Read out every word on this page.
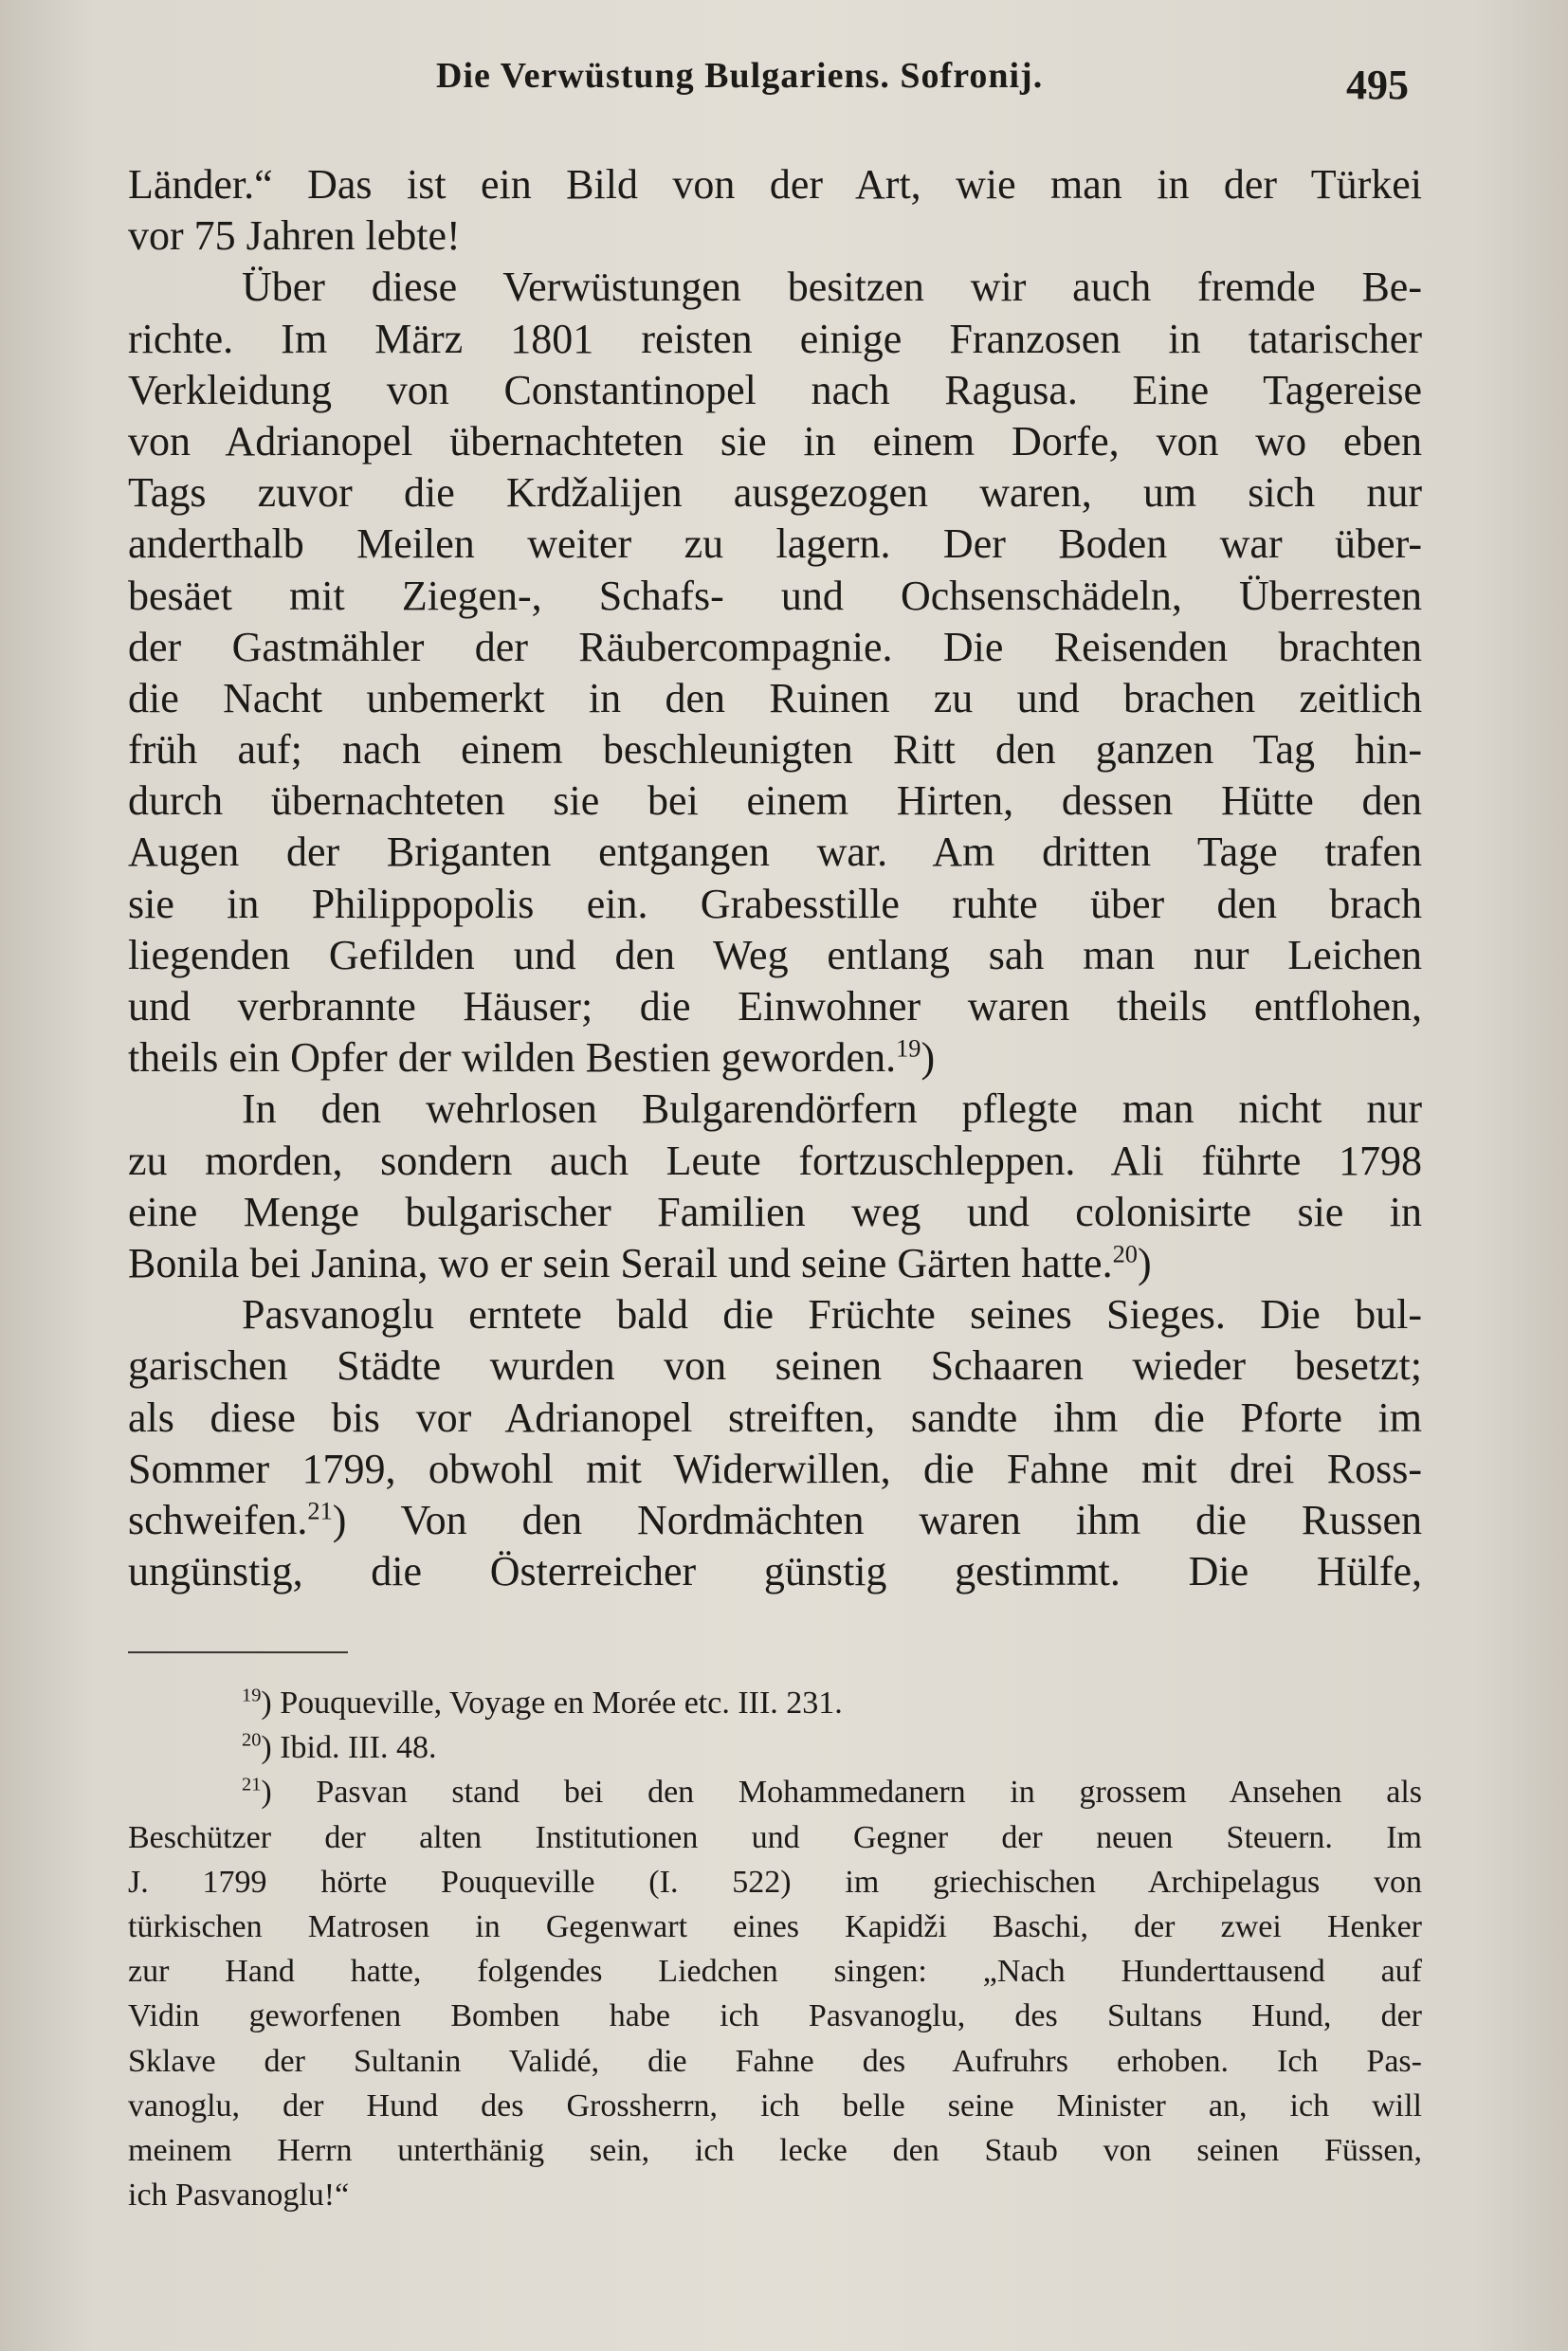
Die Verwüstung Bulgariens. Sofronij.	495
Länder.“ Das ist ein Bild von der Art, wie man in der Türkei
vor 75 Jahren lebte!
Über diese Verwüstungen besitzen wir auch fremde Be-
richte. Im März 1801 reisten einige Franzosen in tatarischer
Verkleidung von Constantinopel nach Ragusa. Eine Tagereise
von Adrianopel übernachteten sie in einem Dorfe, von wo eben
Tags zuvor die Krdžalijen ausgezogen waren, um sich nur
anderthalb Meilen weiter zu lagern. Der Boden war über-
besäet mit Ziegen-, Schafs- und Ochsenschädeln, Überresten
der Gastmähler der Räubercompagnie. Die Reisenden brachten
die Nacht unbemerkt in den Ruinen zu und brachen zeitlich
früh auf; nach einem beschleunigten Ritt den ganzen Tag hin-
durch übernachteten sie bei einem Hirten, dessen Hütte den
Augen der Briganten entgangen war. Am dritten Tage trafen
sie in Philippopolis ein. Grabesstille ruhte über den brach
liegenden Gefilden und den Weg entlang sah man nur Leichen
und verbrannte Häuser; die Einwohner waren theils entflohen,
theils ein Opfer der wilden Bestien geworden.$^{19}$)
In den wehrlosen Bulgarendörfern pflegte man nicht nur
zu morden, sondern auch Leute fortzuschleppen. Ali führte 1798
eine Menge bulgarischer Familien weg und colonisirte sie in
Bonila bei Janina, wo er sein Serail und seine Gärten hatte.$^{20}$)
Pasvanoglu erntete bald die Früchte seines Sieges. Die bul-
garischen Städte wurden von seinen Schaaren wieder besetzt;
als diese bis vor Adrianopel streiften, sandte ihm die Pforte im
Sommer 1799, obwohl mit Widerwillen, die Fahne mit drei Ross-
schweifen.$^{21}$) Von den Nordmächten waren ihm die Russen
ungünstig, die Österreicher günstig gestimmt. Die Hülfe,
$^{19}$) Pouqueville, Voyage en Morée etc. III. 231.
$^{20}$) Ibid. III. 48.
$^{21}$) Pasvan stand bei den Mohammedanern in grossem Ansehen als
Beschützer der alten Institutionen und Gegner der neuen Steuern. Im
J. 1799 hörte Pouqueville (I. 522) im griechischen Archipelagus von
türkischen Matrosen in Gegenwart eines Kapidži Baschi, der zwei Henker
zur Hand hatte, folgendes Liedchen singen: „Nach Hunderttausend auf
Vidin geworfenen Bomben habe ich Pasvanoglu, des Sultans Hund, der
Sklave der Sultanin Validé, die Fahne des Aufruhrs erhoben. Ich Pas-
vanoglu, der Hund des Grossherrn, ich belle seine Minister an, ich will
meinem Herrn unterthänig sein, ich lecke den Staub von seinen Füssen,
ich Pasvanoglu!“
